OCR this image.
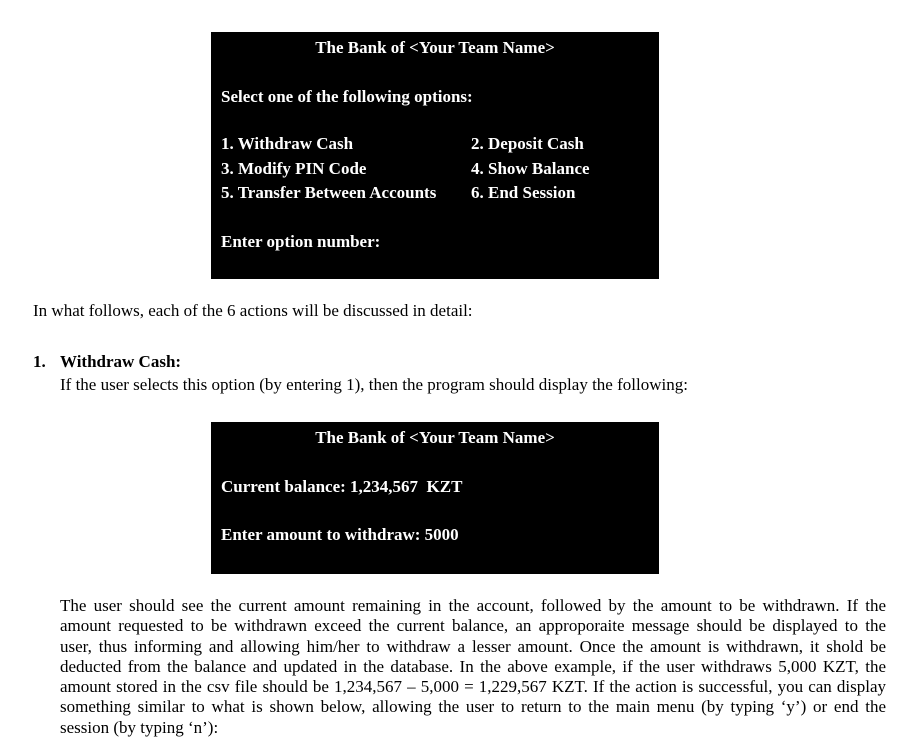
The Bank of <Your Team Name>
Select one of the following options:
1. Withdraw Cash	2. Deposit Cash
3. Modify PIN Code	4. Show Balance
5. Transfer Between Accounts 6. End Session
Enter option number:
In what follows, each of the 6 actions will be discussed in detail:
1. Withdraw Cash:
If the user selects this option (by entering 1), then the program should display the following:
The Bank of <Your Team Name>
Current balance: 1,234,567  KZT
Enter amount to withdraw: 5000
The user should see the current amount remaining in the account, followed by the amount to be withdrawn. If the
amount requested to be withdrawn exceed the current balance, an approporaite message should be displayed to the
user, thus informing and allowing him/her to withdraw a lesser amount. Once the amount is withdrawn, it shold be
deducted from the balance and updated in the database. In the above example, if the user withdraws 5,000 KZT, the
amount stored in the csv file should be 1,234,567 – 5,000 = 1,229,567 KZT. If the action is successful, you can display
something similar to what is shown below, allowing the user to return to the main menu (by typing ‘y’) or end the
session (by typing ‘n’):
